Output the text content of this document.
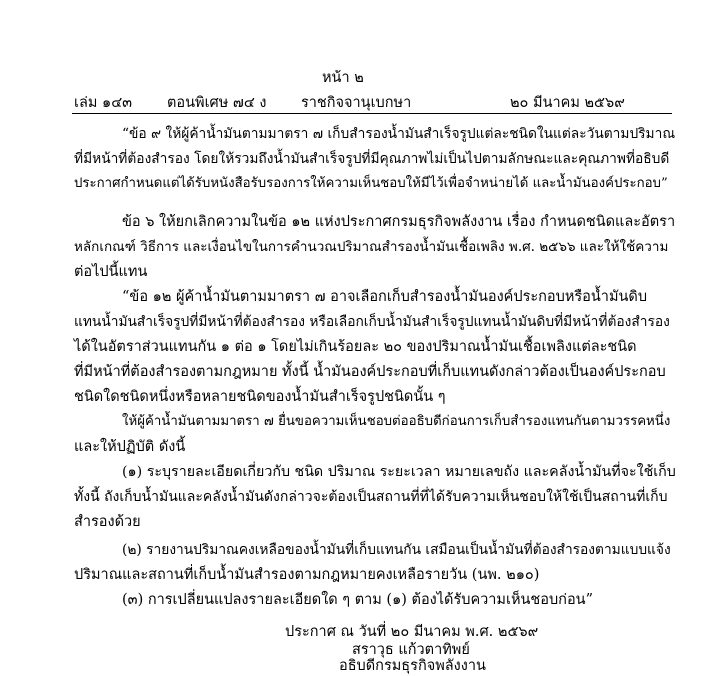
หน้า ๒
เล่ม ๑๔๓ ตอนพิเศษ ๗๔ ง ราชกิจจานุเบกษา	๒๐ มีนาคม ๒๕๖๙
“ข้อ ๙ ให้ผู้ค้าน้ำมันตามมาตรา ๗ เก็บสำรองน้ำมันสำเร็จรูปแต่ละชนิดในแต่ละวันตามปริมาณ
ที่มีหน้าที่ต้องสำรอง โดยให้รวมถึงน้ำมันสำเร็จรูปที่มีคุณภาพไม่เป็นไปตามลักษณะและคุณภาพที่อธิบดี
ประกาศกำหนดแต่ได้รับหนังสือรับรองการให้ความเห็นชอบให้มีไว้เพื่อจำหน่ายได้ และน้ำมันองค์ประกอบ”
ข้อ ๖ ให้ยกเลิกความในข้อ ๑๒ แห่งประกาศกรมธุรกิจพลังงาน เรื่อง กำหนดชนิดและอัตรา
หลักเกณฑ์ วิธีการ และเงื่อนไขในการคำนวณปริมาณสำรองน้ำมันเชื้อเพลิง พ.ศ. ๒๕๖๖ และให้ใช้ความ
ต่อไปนี้แทน
“ข้อ ๑๒ ผู้ค้าน้ำมันตามมาตรา ๗ อาจเลือกเก็บสำรองน้ำมันองค์ประกอบหรือน้ำมันดิบ
แทนน้ำมันสำเร็จรูปที่มีหน้าที่ต้องสำรอง หรือเลือกเก็บน้ำมันสำเร็จรูปแทนน้ำมันดิบที่มีหน้าที่ต้องสำรอง
ได้ในอัตราส่วนแทนกัน ๑ ต่อ ๑ โดยไม่เกินร้อยละ ๒๐ ของปริมาณน้ำมันเชื้อเพลิงแต่ละชนิด
ที่มีหน้าที่ต้องสำรองตามกฎหมาย ทั้งนี้ น้ำมันองค์ประกอบที่เก็บแทนดังกล่าวต้องเป็นองค์ประกอบ
ชนิดใดชนิดหนึ่งหรือหลายชนิดของน้ำมันสำเร็จรูปชนิดนั้น ๆ
ให้ผู้ค้าน้ำมันตามมาตรา ๗ ยื่นขอความเห็นชอบต่ออธิบดีก่อนการเก็บสำรองแทนกันตามวรรคหนึ่ง
และให้ปฏิบัติ ดังนี้
(๑) ระบุรายละเอียดเกี่ยวกับ ชนิด ปริมาณ ระยะเวลา หมายเลขถัง และคลังน้ำมันที่จะใช้เก็บ
ทั้งนี้ ถังเก็บน้ำมันและคลังน้ำมันดังกล่าวจะต้องเป็นสถานที่ที่ได้รับความเห็นชอบให้ใช้เป็นสถานที่เก็บ
สำรองด้วย
(๒) รายงานปริมาณคงเหลือของน้ำมันที่เก็บแทนกัน เสมือนเป็นน้ำมันที่ต้องสำรองตามแบบแจ้ง
ปริมาณและสถานที่เก็บน้ำมันสำรองตามกฎหมายคงเหลือรายวัน (นพ. ๒๑๐)
(๓) การเปลี่ยนแปลงรายละเอียดใด ๆ ตาม (๑) ต้องได้รับความเห็นชอบก่อน”
ประกาศ ณ วันที่ ๒๐ มีนาคม พ.ศ. ๒๕๖๙
สราวุธ แก้วตาทิพย์
อธิบดีกรมธุรกิจพลังงาน
